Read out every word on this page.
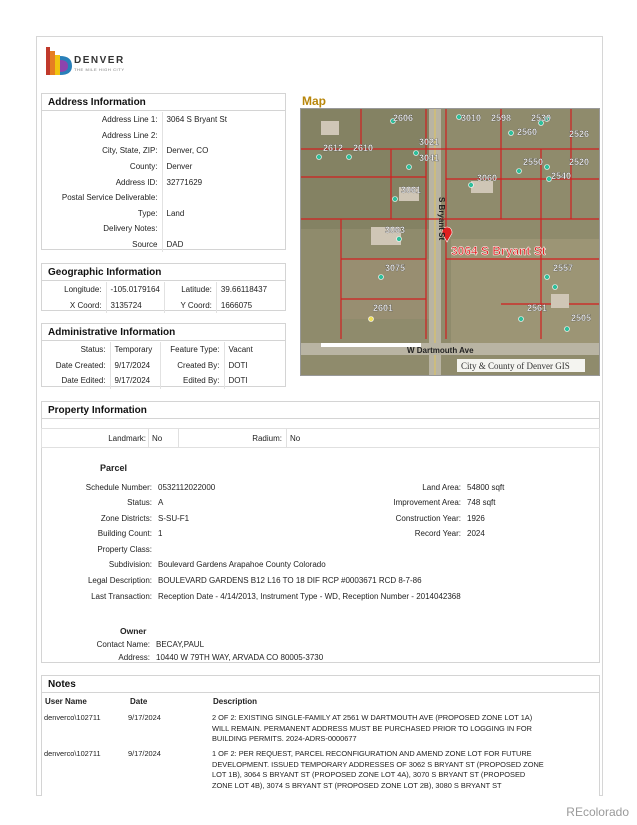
DENVER
THE MILE HIGH CITY
Address Information
Address Line 1:	3064 S Bryant St
Address Line 2:	
City, State, ZIP:	Denver, CO
County:	Denver
Address ID:	32771629
Postal Service Deliverable:	
Type:	Land
Delivery Notes:	
Source	DAD
Geographic Information
Longitude:	-105.0179164	Latitude:	39.66118437
X Coord:	3135724	Y Coord:	1666075
Administrative Information
Status:	Temporary	Feature Type:	Vacant
Date Created:	9/17/2024	Created By:	DOTI
Date Edited:	9/17/2024	Edited By:	DOTI
Map
2606	3010 2598 2530
2560	2526
3021
2612 2610
3041	2550	2520
3060	2540
3061
3063
3075	2557
2561
2601
2505
3064 S Bryant St
S Bryant St
W Dartmouth Ave
City & County of Denver GIS
Property Information
Landmark: No	Radium: No
Parcel
Schedule Number: 0532112022000
Status: A
Zone Districts: S-SU-F1
Building Count: 1
Property Class:
Land Area: 54800 sqft
Improvement Area: 748 sqft
Construction Year: 1926
Record Year: 2024
Subdivision: Boulevard Gardens Arapahoe County Colorado
Legal Description: BOULEVARD GARDENS B12 L16 TO 18 DIF RCP #0003671 RCD 8-7-86
Last Transaction: Reception Date - 4/14/2013, Instrument Type - WD, Reception Number - 2014042368
Owner
Contact Name: BECAY,PAUL
Address: 10440 W 79TH WAY, ARVADA CO 80005-3730
Notes
User Name	Date	Description
denverco\102711	9/17/2024	2 OF 2: EXISTING SINGLE-FAMILY AT 2561 W DARTMOUTH AVE (PROPOSED ZONE LOT 1A)
WILL REMAIN. PERMANENT ADDRESS MUST BE PURCHASED PRIOR TO LOGGING IN FOR
BUILDING PERMITS. 2024-ADRS-0000677
denverco\102711	9/17/2024	1 OF 2: PER REQUEST, PARCEL RECONFIGURATION AND AMEND ZONE LOT FOR FUTURE
DEVELOPMENT. ISSUED TEMPORARY ADDRESSES OF 3062 S BRYANT ST (PROPOSED ZONE
LOT 1B), 3064 S BRYANT ST (PROPOSED ZONE LOT 4A), 3070 S BRYANT ST (PROPOSED
ZONE LOT 4B), 3074 S BRYANT ST (PROPOSED ZONE LOT 2B), 3080 S BRYANT ST
REcolorado
